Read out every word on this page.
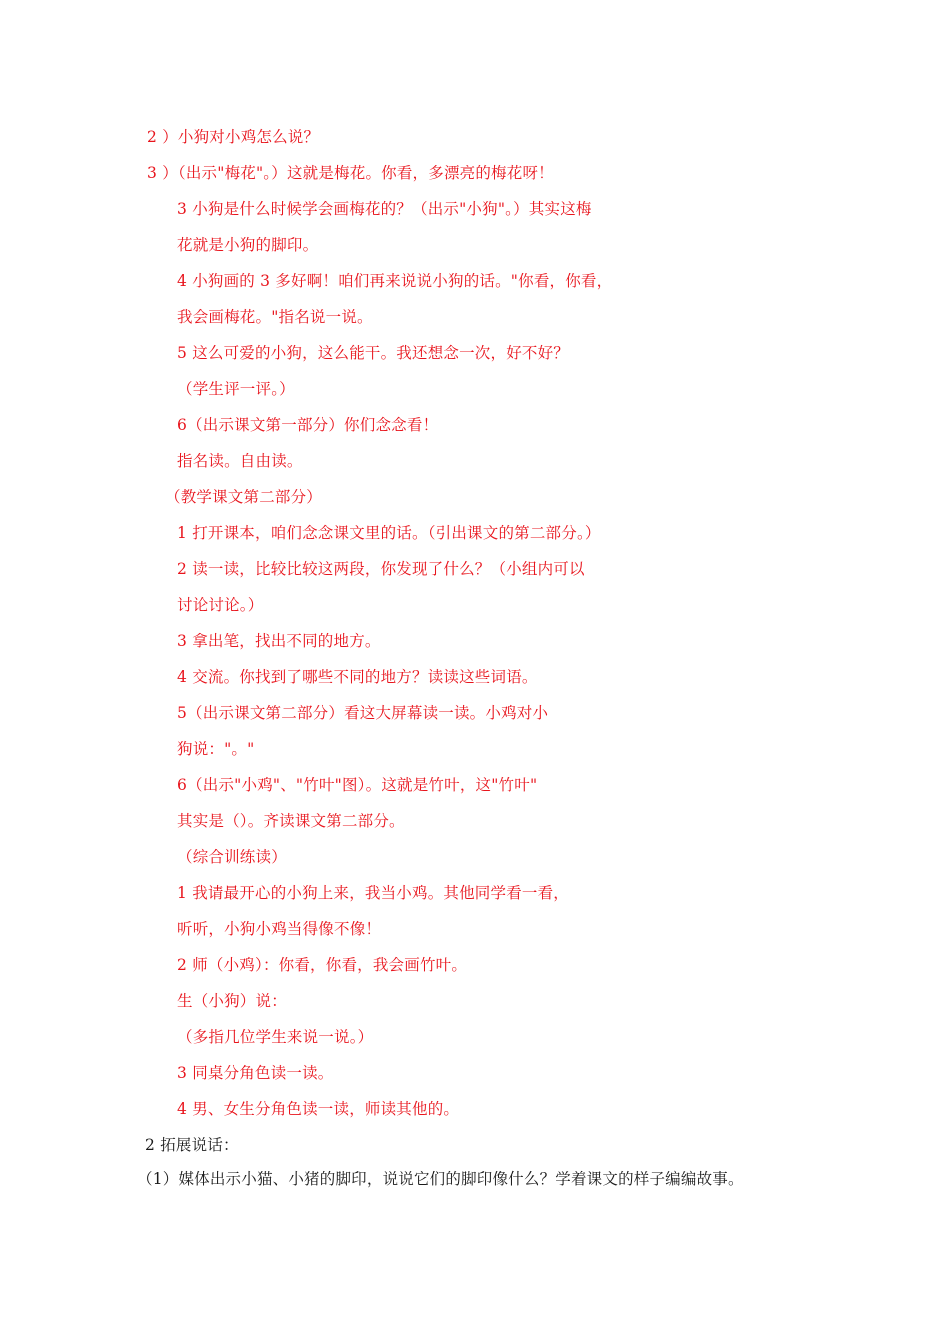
2 ）小狗对小鸡怎么说？
3 ）（出示"梅花"。）这就是梅花。你看，多漂亮的梅花呀！
3 小狗是什么时候学会画梅花的？（出示"小狗"。）其实这梅
花就是小狗的脚印。
4 小狗画的 3 多好啊！咱们再来说说小狗的话。"你看，你看，
我会画梅花。"指名说一说。
5 这么可爱的小狗，这么能干。我还想念一次，好不好？
（学生评一评。）
6（出示课文第一部分）你们念念看！
指名读。自由读。
（教学课文第二部分）
1 打开课本，咱们念念课文里的话。（引出课文的第二部分。）
2 读一读，比较比较这两段，你发现了什么？（小组内可以
讨论讨论。）
3 拿出笔，找出不同的地方。
4 交流。你找到了哪些不同的地方？读读这些词语。
5（出示课文第二部分）看这大屏幕读一读。小鸡对小
狗说："。"
6（出示"小鸡"、"竹叶"图）。这就是竹叶，这"竹叶"
其实是（）。齐读课文第二部分。
（综合训练读）
1 我请最开心的小狗上来，我当小鸡。其他同学看一看，
听听，小狗小鸡当得像不像！
2 师（小鸡）：你看，你看，我会画竹叶。
生（小狗）说：
（多指几位学生来说一说。）
3 同桌分角色读一读。
4 男、女生分角色读一读，师读其他的。
2 拓展说话：
（1）媒体出示小猫、小猪的脚印，说说它们的脚印像什么？学着课文的样子编编故事。
